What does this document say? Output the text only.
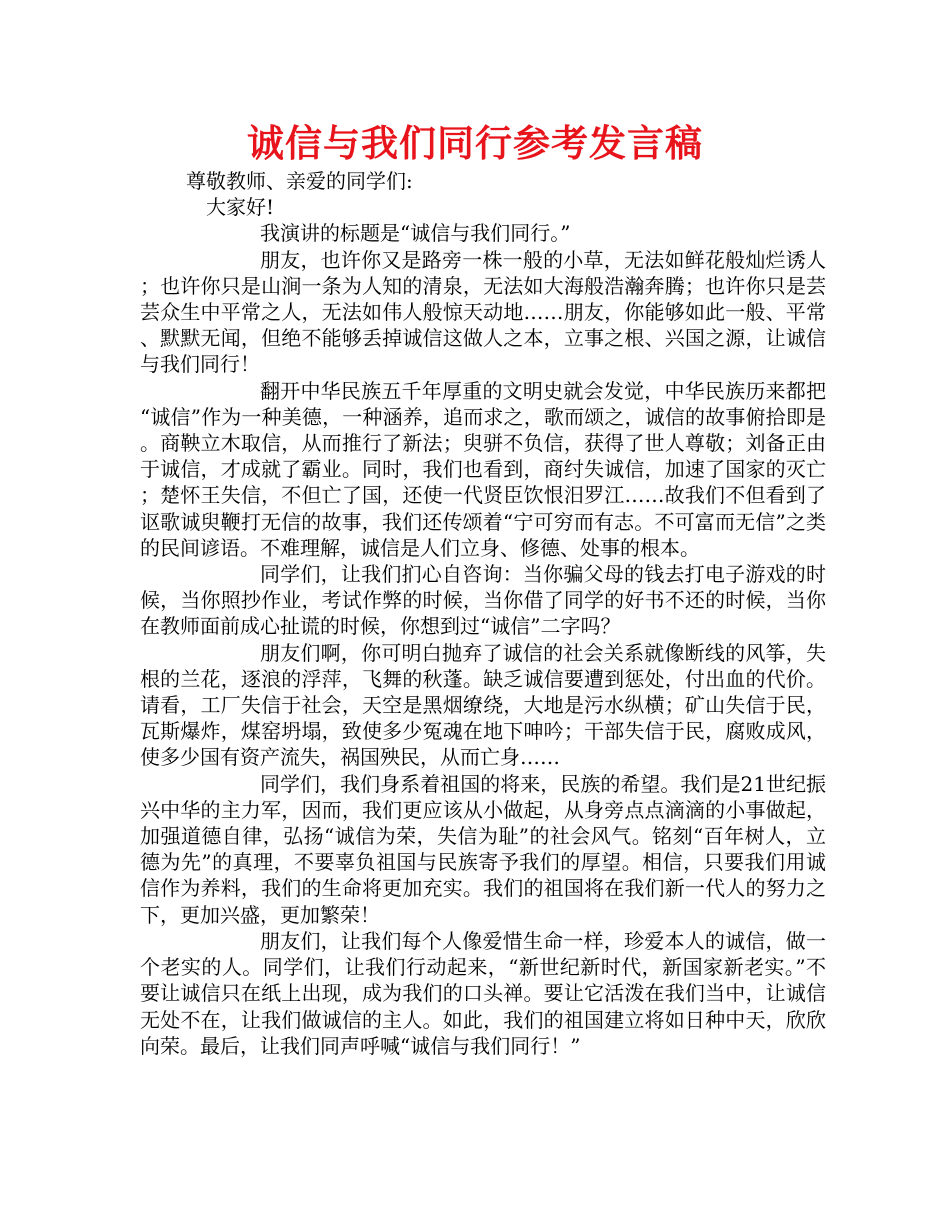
诚信与我们同行参考发言稿

尊敬教师、亲爱的同学们:

大家好!

我演讲的标题是“诚信与我们同行。”

朋友，也许你又是路旁一株一般的小草，无法如鲜花般灿烂诱人；也许你只是山涧一条为人知的清泉，无法如大海般浩瀚奔腾；也许你只是芸芸众生中平常之人，无法如伟人般惊天动地……朋友，你能够如此一般、平常、默默无闻，但绝不能够丢掉诚信这做人之本，立事之根、兴国之源，让诚信与我们同行！

翻开中华民族五千年厚重的文明史就会发觉，中华民族历来都把“诚信”作为一种美德，一种涵养，追而求之，歌而颂之，诚信的故事俯拾即是。商鞅立木取信，从而推行了新法；臾骈不负信，获得了世人尊敬；刘备正由于诚信，才成就了霸业。同时，我们也看到，商纣失诚信，加速了国家的灭亡；楚怀王失信，不但亡了国，还使一代贤臣饮恨汨罗江……故我们不但看到了讴歌诚臾鞭打无信的故事，我们还传颂着“宁可穷而有志。不可富而无信”之类的民间谚语。不难理解，诚信是人们立身、修德、处事的根本。

同学们，让我们扪心自咨询：当你骗父母的钱去打电子游戏的时候，当你照抄作业，考试作弊的时候，当你借了同学的好书不还的时候，当你在教师面前成心扯谎的时候，你想到过“诚信”二字吗？

朋友们啊，你可明白抛弃了诚信的社会关系就像断线的风筝，失根的兰花，逐浪的浮萍，飞舞的秋蓬。缺乏诚信要遭到惩处，付出血的代价。请看，工厂失信于社会，天空是黑烟缭绕，大地是污水纵横；矿山失信于民，瓦斯爆炸，煤窑坍塌，致使多少冤魂在地下呻吟；干部失信于民，腐败成风，使多少国有资产流失，祸国殃民，从而亡身……

同学们，我们身系着祖国的将来，民族的希望。我们是21世纪振兴中华的主力军，因而，我们更应该从小做起，从身旁点点滴滴的小事做起，加强道德自律，弘扬“诚信为荣，失信为耻”的社会风气。铭刻“百年树人，立德为先”的真理，不要辜负祖国与民族寄予我们的厚望。相信，只要我们用诚信作为养料，我们的生命将更加充实。我们的祖国将在我们新一代人的努力之下，更加兴盛，更加繁荣！

朋友们，让我们每个人像爱惜生命一样，珍爱本人的诚信，做一个老实的人。同学们，让我们行动起来，“新世纪新时代，新国家新老实。”不要让诚信只在纸上出现，成为我们的口头禅。要让它活泼在我们当中，让诚信无处不在，让我们做诚信的主人。如此，我们的祖国建立将如日种中天，欣欣向荣。最后，让我们同声呼喊“诚信与我们同行！”
